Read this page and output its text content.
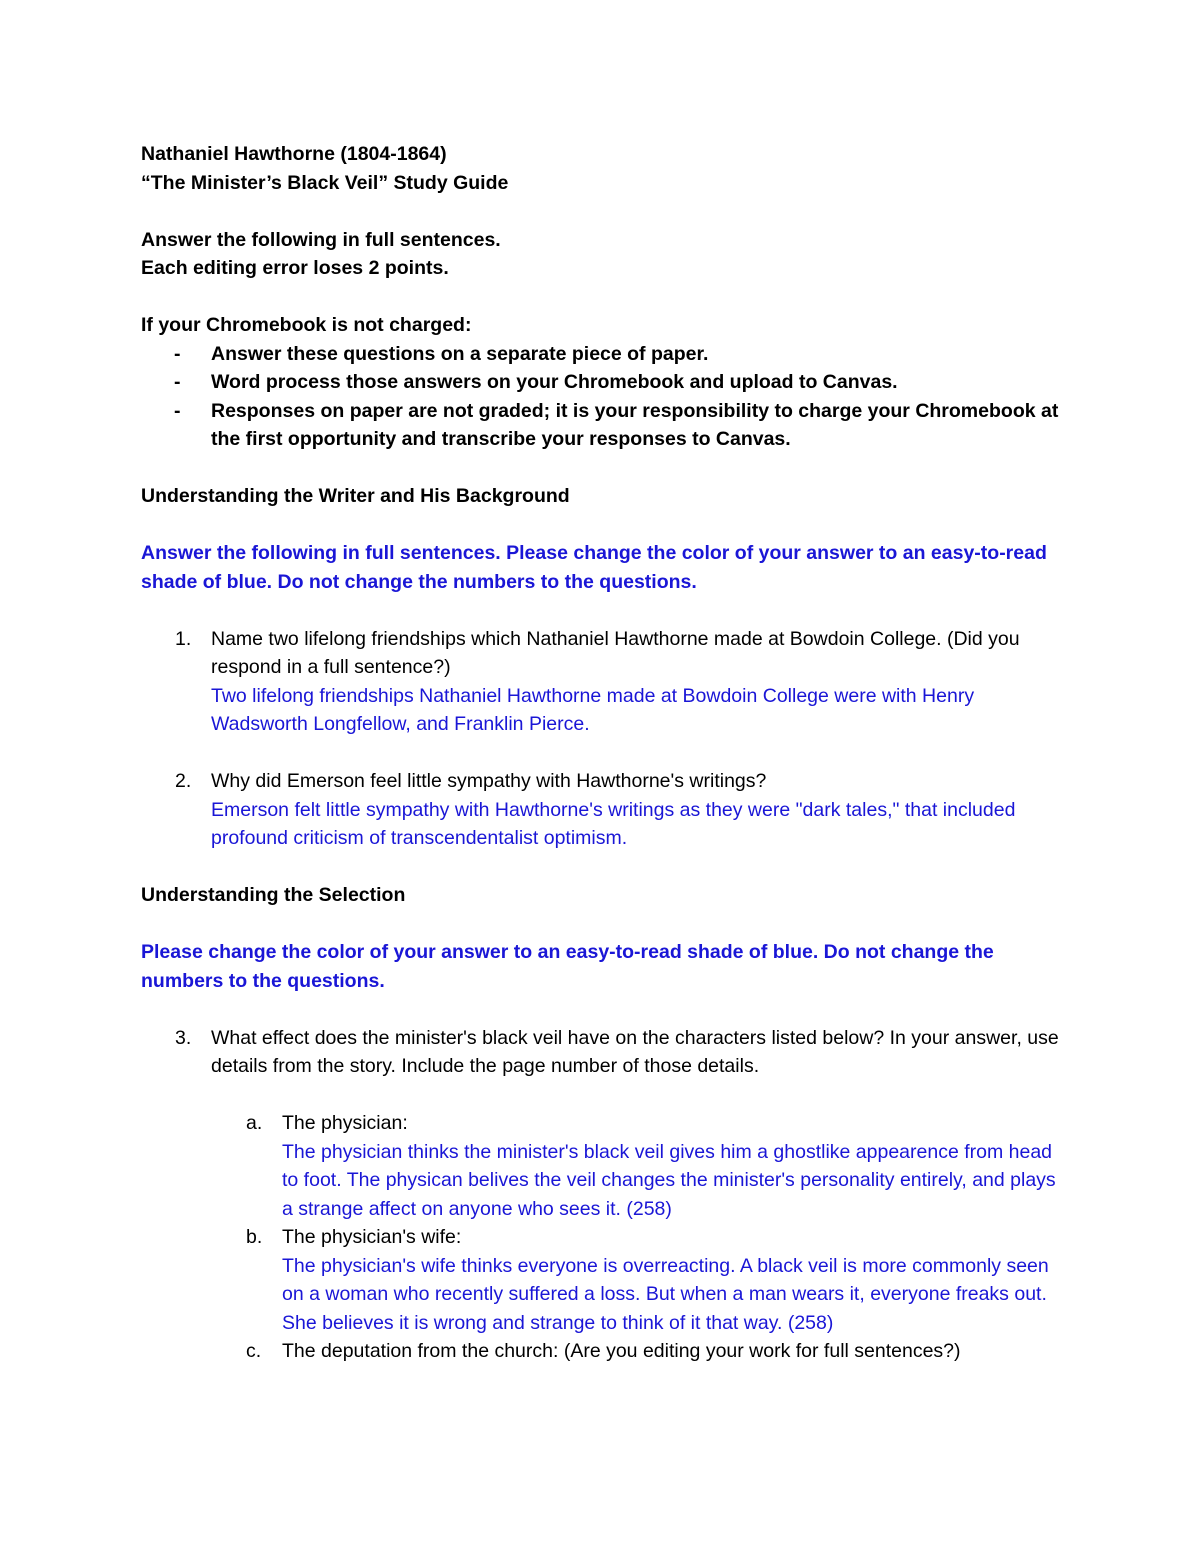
Nathaniel Hawthorne (1804-1864)
“The Minister’s Black Veil” Study Guide
Answer the following in full sentences.
Each editing error loses 2 points.
If your Chromebook is not charged:
- Answer these questions on a separate piece of paper.
- Word process those answers on your Chromebook and upload to Canvas.
- Responses on paper are not graded; it is your responsibility to charge your Chromebook at the first opportunity and transcribe your responses to Canvas.
Understanding the Writer and His Background
Answer the following in full sentences. Please change the color of your answer to an easy-to-read shade of blue. Do not change the numbers to the questions.
1. Name two lifelong friendships which Nathaniel Hawthorne made at Bowdoin College. (Did you respond in a full sentence?)
Two lifelong friendships Nathaniel Hawthorne made at Bowdoin College were with Henry Wadsworth Longfellow, and Franklin Pierce.
2. Why did Emerson feel little sympathy with Hawthorne's writings?
Emerson felt little sympathy with Hawthorne's writings as they were "dark tales," that included profound criticism of transcendentalist optimism.
Understanding the Selection
Please change the color of your answer to an easy-to-read shade of blue. Do not change the numbers to the questions.
3. What effect does the minister's black veil have on the characters listed below? In your answer, use details from the story. Include the page number of those details.
a. The physician:
The physician thinks the minister's black veil gives him a ghostlike appearence from head to foot. The physican belives the veil changes the minister's personality entirely, and plays a strange affect on anyone who sees it. (258)
b. The physician's wife:
The physician's wife thinks everyone is overreacting. A black veil is more commonly seen on a woman who recently suffered a loss. But when a man wears it, everyone freaks out. She believes it is wrong and strange to think of it that way. (258)
c. The deputation from the church: (Are you editing your work for full sentences?)
